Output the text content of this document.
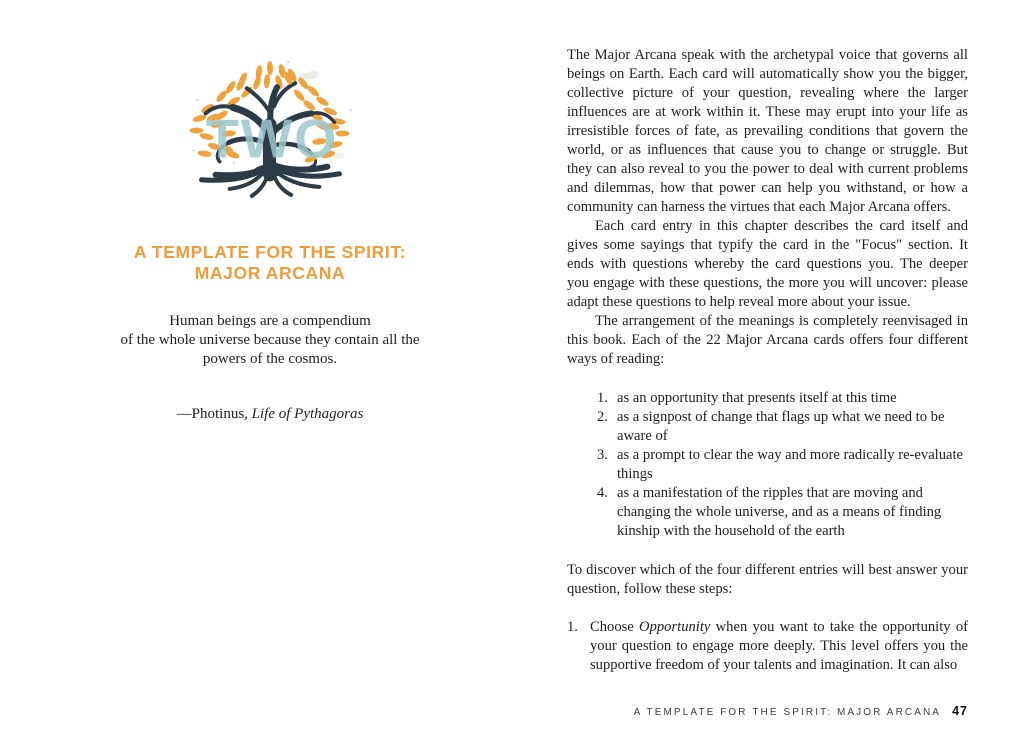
TWO
A TEMPLATE FOR THE SPIRIT:
MAJOR ARCANA
Human beings are a compendium
of the whole universe because they contain all the
powers of the cosmos.
—Photinus, Life of Pythagoras

The Major Arcana speak with the archetypal voice that governs all beings on Earth. Each card will automatically show you the bigger, collective picture of your question, revealing where the larger influences are at work within it. These may erupt into your life as irresistible forces of fate, as prevailing conditions that govern the world, or as influences that cause you to change or struggle. But they can also reveal to you the power to deal with current problems and dilemmas, how that power can help you withstand, or how a community can harness the virtues that each Major Arcana offers.

Each card entry in this chapter describes the card itself and gives some sayings that typify the card in the "Focus" section. It ends with questions whereby the card questions you. The deeper you engage with these questions, the more you will uncover: please adapt these questions to help reveal more about your issue.

The arrangement of the meanings is completely reenvisaged in this book. Each of the 22 Major Arcana cards offers four different ways of reading:

as an opportunity that presents itself at this time
as a signpost of change that flags up what we need to be aware of
as a prompt to clear the way and more radically re-evaluate things
as a manifestation of the ripples that are moving and changing the whole universe, and as a means of finding kinship with the household of the earth

To discover which of the four different entries will best answer your question, follow these steps:

Choose Opportunity when you want to take the opportunity of your question to engage more deeply. This level offers you the supportive freedom of your talents and imagination. It can also
A TEMPLATE FOR THE SPIRIT: MAJOR ARCANA 47
